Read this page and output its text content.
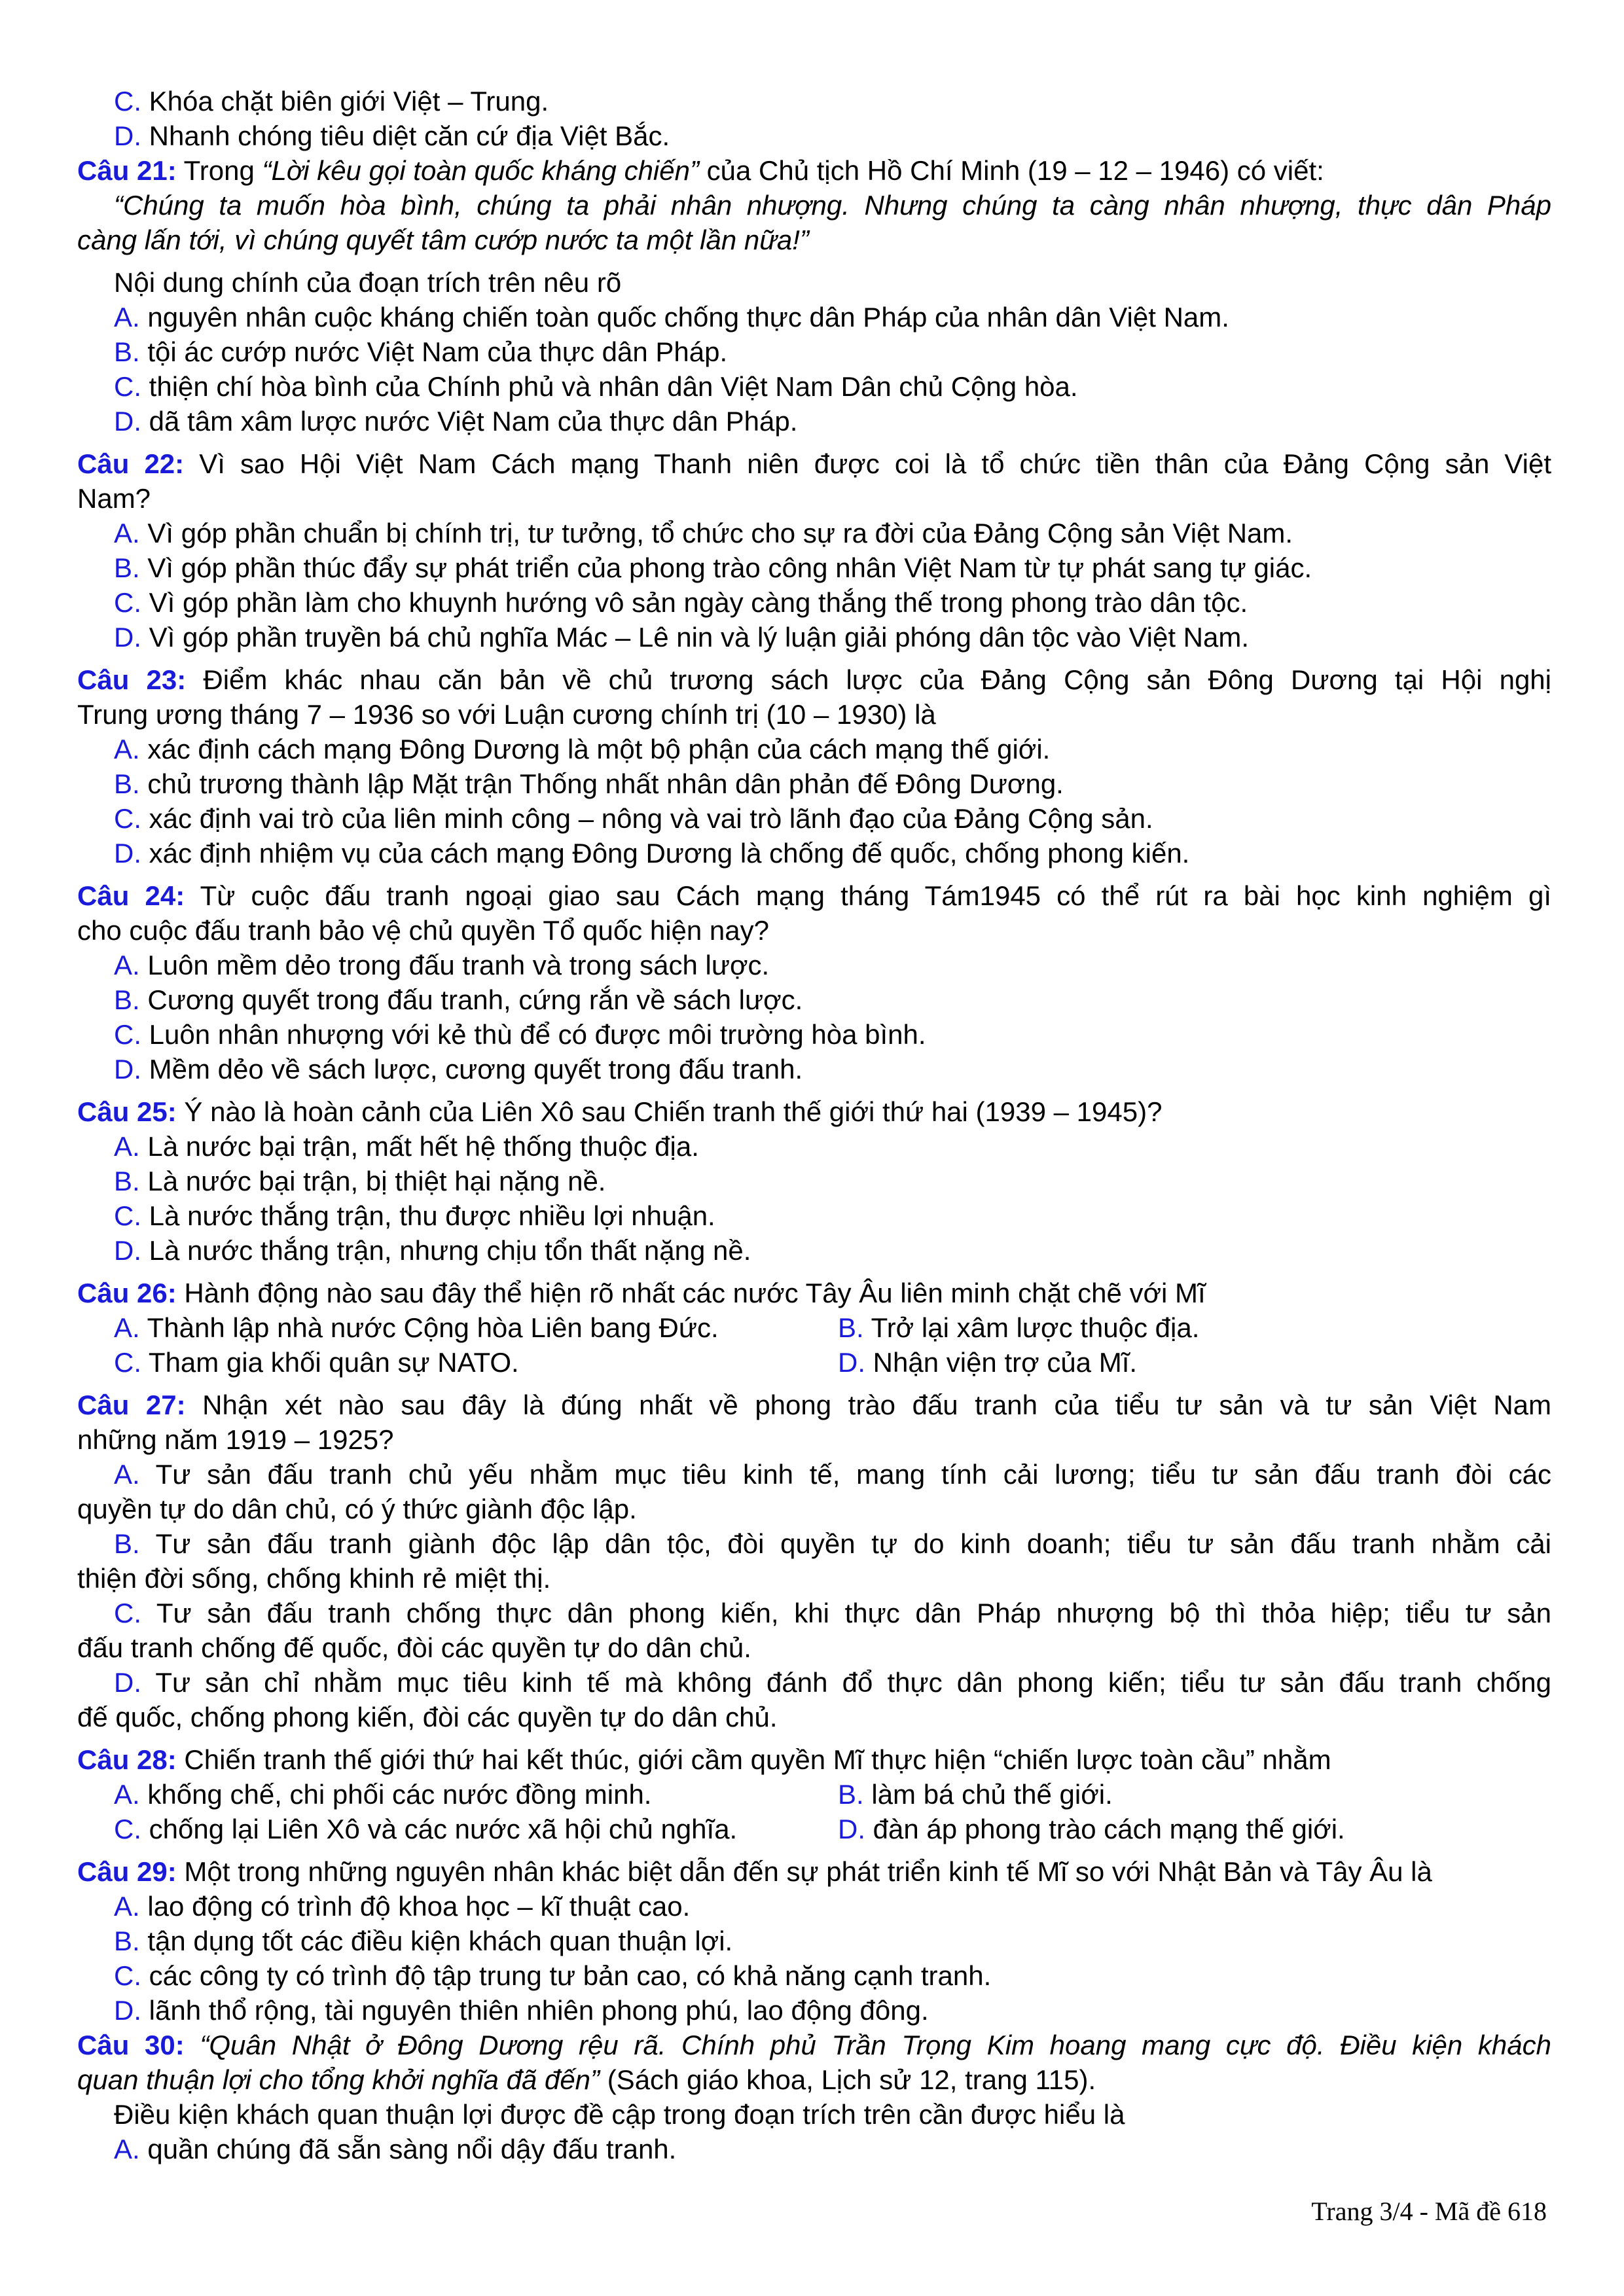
C. Khóa chặt biên giới Việt – Trung.
D. Nhanh chóng tiêu diệt căn cứ địa Việt Bắc.
Câu 21: Trong “Lời kêu gọi toàn quốc kháng chiến” của Chủ tịch Hồ Chí Minh (19 – 12 – 1946) có viết:
“Chúng ta muốn hòa bình, chúng ta phải nhân nhượng. Nhưng chúng ta càng nhân nhượng, thực dân Pháp
càng lấn tới, vì chúng quyết tâm cướp nước ta một lần nữa!”
Nội dung chính của đoạn trích trên nêu rõ
A. nguyên nhân cuộc kháng chiến toàn quốc chống thực dân Pháp của nhân dân Việt Nam.
B. tội ác cướp nước Việt Nam của thực dân Pháp.
C. thiện chí hòa bình của Chính phủ và nhân dân Việt Nam Dân chủ Cộng hòa.
D. dã tâm xâm lược nước Việt Nam của thực dân Pháp.
Câu 22: Vì sao Hội Việt Nam Cách mạng Thanh niên được coi là tổ chức tiền thân của Đảng Cộng sản Việt
Nam?
A. Vì góp phần chuẩn bị chính trị, tư tưởng, tổ chức cho sự ra đời của Đảng Cộng sản Việt Nam.
B. Vì góp phần thúc đẩy sự phát triển của phong trào công nhân Việt Nam từ tự phát sang tự giác.
C. Vì góp phần làm cho khuynh hướng vô sản ngày càng thắng thế trong phong trào dân tộc.
D. Vì góp phần truyền bá chủ nghĩa Mác – Lê nin và lý luận giải phóng dân tộc vào Việt Nam.
Câu 23: Điểm khác nhau căn bản về chủ trương sách lược của Đảng Cộng sản Đông Dương tại Hội nghị
Trung ương tháng 7 – 1936 so với Luận cương chính trị (10 – 1930) là
A. xác định cách mạng Đông Dương là một bộ phận của cách mạng thế giới.
B. chủ trương thành lập Mặt trận Thống nhất nhân dân phản đế Đông Dương.
C. xác định vai trò của liên minh công – nông và vai trò lãnh đạo của Đảng Cộng sản.
D. xác định nhiệm vụ của cách mạng Đông Dương là chống đế quốc, chống phong kiến.
Câu 24: Từ cuộc đấu tranh ngoại giao sau Cách mạng tháng Tám1945 có thể rút ra bài học kinh nghiệm gì
cho cuộc đấu tranh bảo vệ chủ quyền Tổ quốc hiện nay?
A. Luôn mềm dẻo trong đấu tranh và trong sách lược.
B. Cương quyết trong đấu tranh, cứng rắn về sách lược.
C. Luôn nhân nhượng với kẻ thù để có được môi trường hòa bình.
D. Mềm dẻo về sách lược, cương quyết trong đấu tranh.
Câu 25: Ý nào là hoàn cảnh của Liên Xô sau Chiến tranh thế giới thứ hai (1939 – 1945)?
A. Là nước bại trận, mất hết hệ thống thuộc địa.
B. Là nước bại trận, bị thiệt hại nặng nề.
C. Là nước thắng trận, thu được nhiều lợi nhuận.
D. Là nước thắng trận, nhưng chịu tổn thất nặng nề.
Câu 26: Hành động nào sau đây thể hiện rõ nhất các nước Tây Âu liên minh chặt chẽ với Mĩ
A. Thành lập nhà nước Cộng hòa Liên bang Đức.	B. Trở lại xâm lược thuộc địa.
C. Tham gia khối quân sự NATO.	D. Nhận viện trợ của Mĩ.
Câu 27: Nhận xét nào sau đây là đúng nhất về phong trào đấu tranh của tiểu tư sản và tư sản Việt Nam
những năm 1919 – 1925?
A. Tư sản đấu tranh chủ yếu nhằm mục tiêu kinh tế, mang tính cải lương; tiểu tư sản đấu tranh đòi các
quyền tự do dân chủ, có ý thức giành độc lập.
B. Tư sản đấu tranh giành độc lập dân tộc, đòi quyền tự do kinh doanh; tiểu tư sản đấu tranh nhằm cải
thiện đời sống, chống khinh rẻ miệt thị.
C. Tư sản đấu tranh chống thực dân phong kiến, khi thực dân Pháp nhượng bộ thì thỏa hiệp; tiểu tư sản
đấu tranh chống đế quốc, đòi các quyền tự do dân chủ.
D. Tư sản chỉ nhằm mục tiêu kinh tế mà không đánh đổ thực dân phong kiến; tiểu tư sản đấu tranh chống
đế quốc, chống phong kiến, đòi các quyền tự do dân chủ.
Câu 28: Chiến tranh thế giới thứ hai kết thúc, giới cầm quyền Mĩ thực hiện “chiến lược toàn cầu” nhằm
A. khống chế, chi phối các nước đồng minh.	B. làm bá chủ thế giới.
C. chống lại Liên Xô và các nước xã hội chủ nghĩa.	D. đàn áp phong trào cách mạng thế giới.
Câu 29: Một trong những nguyên nhân khác biệt dẫn đến sự phát triển kinh tế Mĩ so với Nhật Bản và Tây Âu là
A. lao động có trình độ khoa học – kĩ thuật cao.
B. tận dụng tốt các điều kiện khách quan thuận lợi.
C. các công ty có trình độ tập trung tư bản cao, có khả năng cạnh tranh.
D. lãnh thổ rộng, tài nguyên thiên nhiên phong phú, lao động đông.
Câu 30: “Quân Nhật ở Đông Dương rệu rã. Chính phủ Trần Trọng Kim hoang mang cực độ. Điều kiện khách
quan thuận lợi cho tổng khởi nghĩa đã đến” (Sách giáo khoa, Lịch sử 12, trang 115).
Điều kiện khách quan thuận lợi được đề cập trong đoạn trích trên cần được hiểu là
A. quần chúng đã sẵn sàng nổi dậy đấu tranh.
Trang 3/4 - Mã đề 618
